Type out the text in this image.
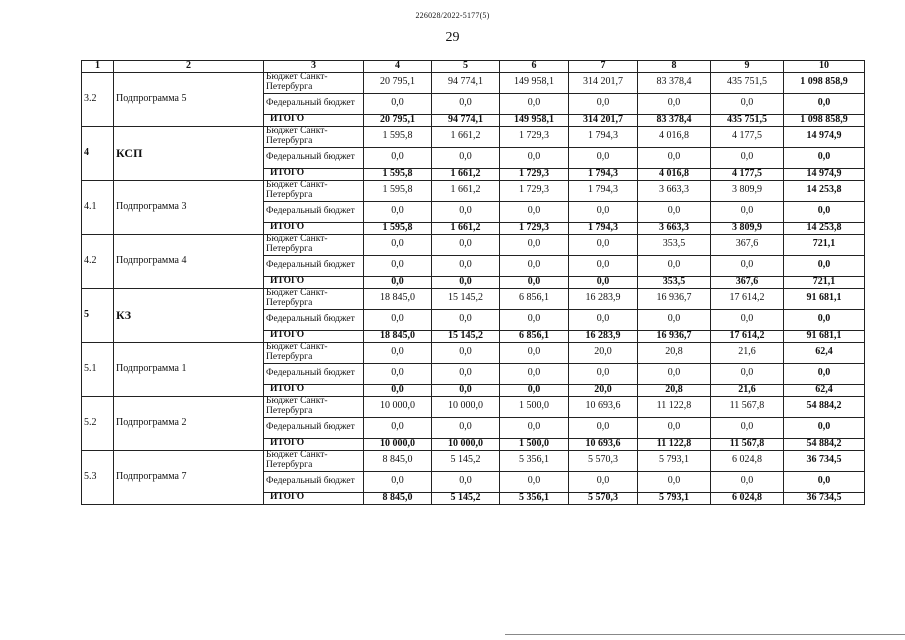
226028/2022-5177(5)
29
1	2	3	4	5	6	7	8	9	10
3.2	Подпрограмма 5	Бюджет Санкт-Петербурга	20 795,1	94 774,1	149 958,1	314 201,7	83 378,4	435 751,5	1 098 858,9
		Федеральный бюджет	0,0	0,0	0,0	0,0	0,0	0,0	0,0
		ИТОГО	20 795,1	94 774,1	149 958,1	314 201,7	83 378,4	435 751,5	1 098 858,9
4	КСП	Бюджет Санкт-Петербурга	1 595,8	1 661,2	1 729,3	1 794,3	4 016,8	4 177,5	14 974,9
		Федеральный бюджет	0,0	0,0	0,0	0,0	0,0	0,0	0,0
		ИТОГО	1 595,8	1 661,2	1 729,3	1 794,3	4 016,8	4 177,5	14 974,9
4.1	Подпрограмма 3	Бюджет Санкт-Петербурга	1 595,8	1 661,2	1 729,3	1 794,3	3 663,3	3 809,9	14 253,8
		Федеральный бюджет	0,0	0,0	0,0	0,0	0,0	0,0	0,0
		ИТОГО	1 595,8	1 661,2	1 729,3	1 794,3	3 663,3	3 809,9	14 253,8
4.2	Подпрограмма 4	Бюджет Санкт-Петербурга	0,0	0,0	0,0	0,0	353,5	367,6	721,1
		Федеральный бюджет	0,0	0,0	0,0	0,0	0,0	0,0	0,0
		ИТОГО	0,0	0,0	0,0	0,0	353,5	367,6	721,1
5	КЗ	Бюджет Санкт-Петербурга	18 845,0	15 145,2	6 856,1	16 283,9	16 936,7	17 614,2	91 681,1
		Федеральный бюджет	0,0	0,0	0,0	0,0	0,0	0,0	0,0
		ИТОГО	18 845,0	15 145,2	6 856,1	16 283,9	16 936,7	17 614,2	91 681,1
5.1	Подпрограмма 1	Бюджет Санкт-Петербурга	0,0	0,0	0,0	20,0	20,8	21,6	62,4
		Федеральный бюджет	0,0	0,0	0,0	0,0	0,0	0,0	0,0
		ИТОГО	0,0	0,0	0,0	20,0	20,8	21,6	62,4
5.2	Подпрограмма 2	Бюджет Санкт-Петербурга	10 000,0	10 000,0	1 500,0	10 693,6	11 122,8	11 567,8	54 884,2
		Федеральный бюджет	0,0	0,0	0,0	0,0	0,0	0,0	0,0
		ИТОГО	10 000,0	10 000,0	1 500,0	10 693,6	11 122,8	11 567,8	54 884,2
5.3	Подпрограмма 7	Бюджет Санкт-Петербурга	8 845,0	5 145,2	5 356,1	5 570,3	5 793,1	6 024,8	36 734,5
		Федеральный бюджет	0,0	0,0	0,0	0,0	0,0	0,0	0,0
		ИТОГО	8 845,0	5 145,2	5 356,1	5 570,3	5 793,1	6 024,8	36 734,5
